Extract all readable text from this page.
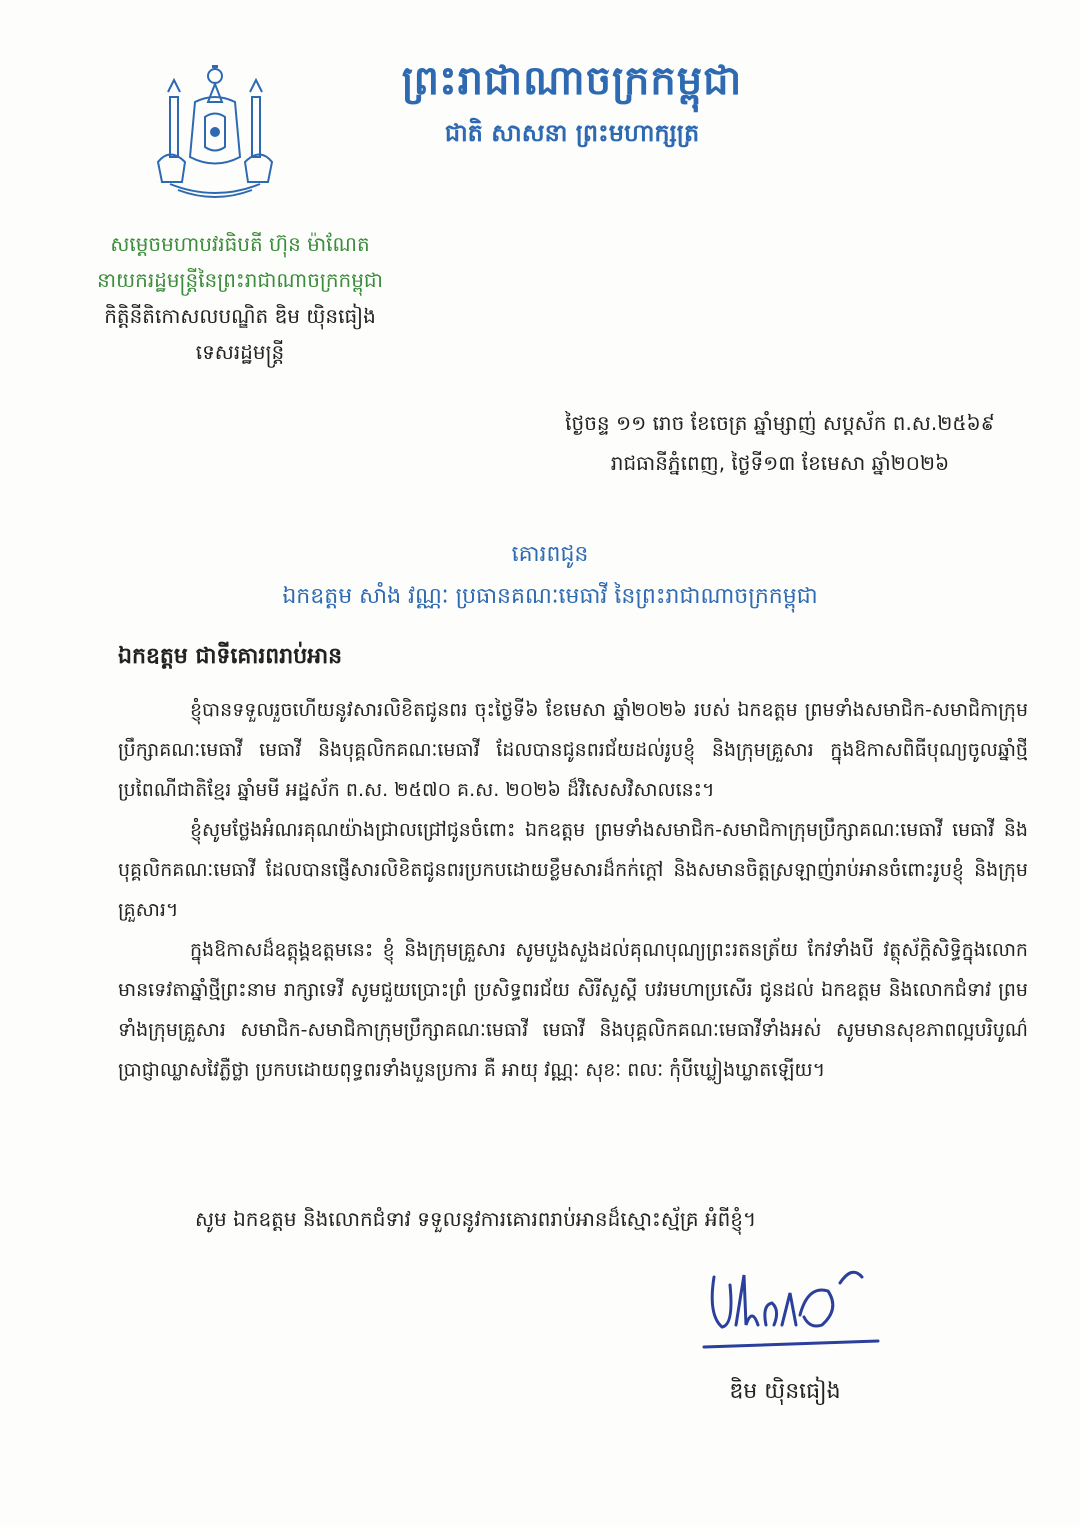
ព្រះរាជាណាចក្រកម្ពុជា
ជាតិ សាសនា ព្រះមហាក្សត្រ
សម្តេចមហាបវរធិបតី ហ៊ុន ម៉ាណែត
នាយករដ្ឋមន្ត្រីនៃព្រះរាជាណាចក្រកម្ពុជា
កិត្តិនីតិកោសលបណ្ឌិត ឌិម យ៉ិនធៀង
ទេសរដ្ឋមន្ត្រី
ថ្ងៃចន្ទ ១១ រោច ខែចេត្រ ឆ្នាំម្សាញ់ សប្តស័ក ព.ស.២៥៦៩
រាជធានីភ្នំពេញ, ថ្ងៃទី១៣ ខែមេសា ឆ្នាំ២០២៦
គោរពជូន
ឯកឧត្តម សាំង វណ្ណៈ ប្រធានគណៈមេធាវី នៃព្រះរាជាណាចក្រកម្ពុជា
ឯកឧត្តម ជាទីគោរពរាប់អាន

ខ្ញុំបានទទួលរួចហើយនូវសារលិខិតជូនពរ ចុះថ្ងៃទី៦ ខែមេសា ឆ្នាំ២០២៦ របស់ ឯកឧត្តម ព្រមទាំងសមាជិក-សមាជិកាក្រុមប្រឹក្សាគណៈមេធាវី មេធាវី និងបុគ្គលិកគណៈមេធាវី ដែលបានជូនពរជ័យដល់រូបខ្ញុំ និងក្រុមគ្រួសារ ក្នុងឱកាសពិធីបុណ្យចូលឆ្នាំថ្មី ប្រពៃណីជាតិខ្មែរ ឆ្នាំមមី អដ្ឋស័ក ព.ស. ២៥៧០ គ.ស. ២០២៦ ដ៏វិសេសវិសាលនេះ។

ខ្ញុំសូមថ្លែងអំណរគុណយ៉ាងជ្រាលជ្រៅជូនចំពោះ ឯកឧត្តម ព្រមទាំងសមាជិក-សមាជិកាក្រុមប្រឹក្សាគណៈមេធាវី មេធាវី និងបុគ្គលិកគណៈមេធាវី ដែលបានផ្ញើសារលិខិតជូនពរប្រកបដោយខ្លឹមសារដ៏កក់ក្តៅ និងសមានចិត្តស្រឡាញ់រាប់អានចំពោះរូបខ្ញុំ និងក្រុមគ្រួសារ។

ក្នុងឱកាសដ៏ឧត្តុង្គឧត្តមនេះ ខ្ញុំ និងក្រុមគ្រួសារ សូមបួងសួងដល់គុណបុណ្យព្រះរតនត្រ័យ កែវទាំងបី វត្ថុស័ក្តិសិទ្ធិក្នុងលោក មានទេវតាឆ្នាំថ្មីព្រះនាម រាក្សាទេវី សូមជួយប្រោះព្រំ ប្រសិទ្ធពរជ័យ សិរីសួស្តី បវរមហាប្រសើរ ជូនដល់ ឯកឧត្តម និងលោកជំទាវ ព្រមទាំងក្រុមគ្រួសារ សមាជិក-សមាជិកាក្រុមប្រឹក្សាគណៈមេធាវី មេធាវី និងបុគ្គលិកគណៈមេធាវីទាំងអស់ សូមមានសុខភាពល្អបរិបូណ៌ ប្រាជ្ញាឈ្លាសវៃភ្លឺថ្លា ប្រកបដោយពុទ្ធពរទាំងបួនប្រការ គឺ អាយុ វណ្ណៈ សុខៈ ពលៈ កុំបីឃ្លៀងឃ្លាតឡើយ។

សូម ឯកឧត្តម និងលោកជំទាវ ទទួលនូវការគោរពរាប់អានដ៏ស្មោះស្ម័គ្រ អំពីខ្ញុំ។
ឌិម យ៉ិនធៀង
